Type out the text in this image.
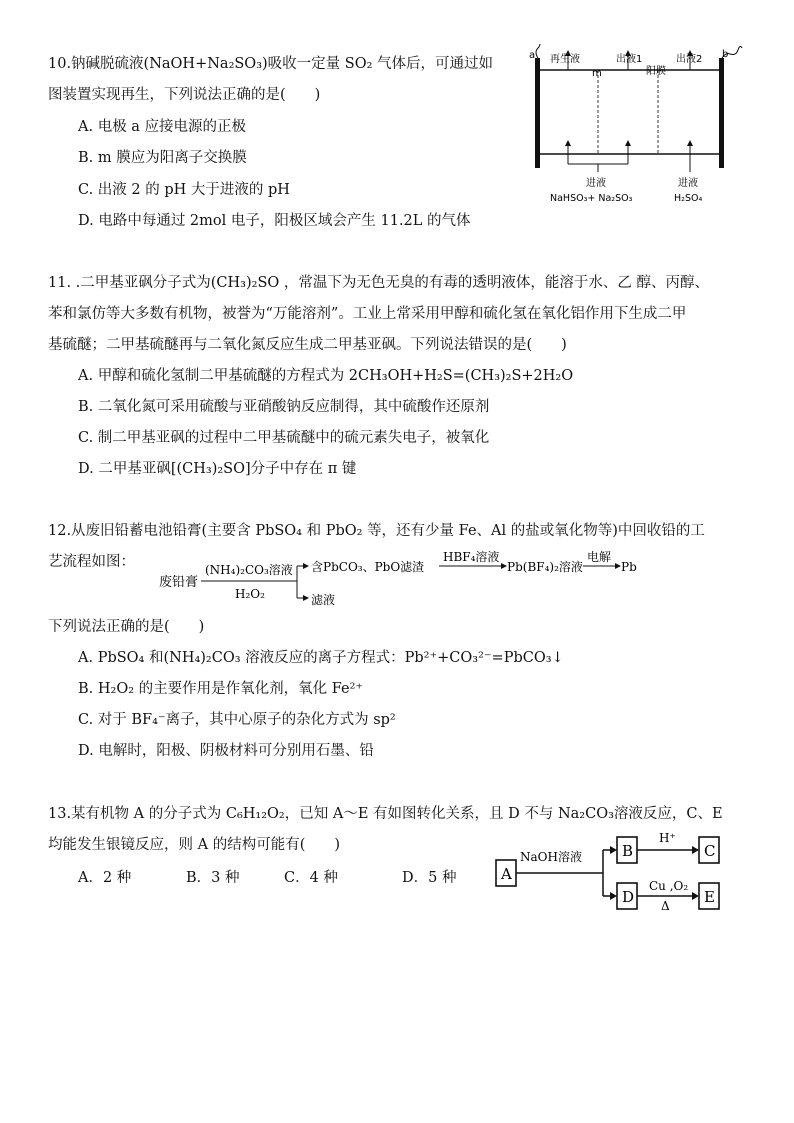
10.钠碱脱硫液(NaOH+Na₂SO₃)吸收一定量 SO₂ 气体后，可通过如
图装置实现再生，下列说法正确的是(　　)
A. 电极 a 应接电源的正极
B. m 膜应为阳离子交换膜
C. 出液 2 的 pH 大于进液的 pH
D. 电路中每通过 2mol 电子，阳极区域会产生 11.2L 的气体
a	b
m	阳膜
再生液	出液1	出液2
进液
NaHSO₃+ Na₂SO₃
进液
H₂SO₄
11. .二甲基亚砜分子式为(CH₃)₂SO ，常温下为无色无臭的有毒的透明液体，能溶于水、乙 醇、丙醇、
苯和氯仿等大多数有机物，被誉为“万能溶剂”。工业上常采用甲醇和硫化氢在氧化铝作用下生成二甲
基硫醚；二甲基硫醚再与二氧化氮反应生成二甲基亚砜。下列说法错误的是(　　)
A. 甲醇和硫化氢制二甲基硫醚的方程式为 2CH₃OH+H₂S=(CH₃)₂S+2H₂O
B. 二氧化氮可采用硫酸与亚硝酸钠反应制得，其中硫酸作还原剂
C. 制二甲基亚砜的过程中二甲基硫醚中的硫元素失电子，被氧化
D. 二甲基亚砜[(CH₃)₂SO]分子中存在 π 键
12.从废旧铅蓄电池铅膏(主要含 PbSO₄ 和 PbO₂ 等，还有少量 Fe、Al 的盐或氧化物等)中回收铅的工
艺流程如图：
废铅膏
(NH₄)₂CO₃溶液
H₂O₂
含PbCO₃、PbO滤渣
滤液
HBF₄溶液
Pb(BF₄)₂溶液
电解
Pb
下列说法正确的是(　　)
A. PbSO₄ 和(NH₄)₂CO₃ 溶液反应的离子方程式：Pb²⁺+CO₃²⁻=PbCO₃↓
B. H₂O₂ 的主要作用是作氧化剂，氧化 Fe²⁺
C. 对于 BF₄⁻离子，其中心原子的杂化方式为 sp²
D. 电解时，阳极、阴极材料可分别用石墨、铅
13.某有机物 A 的分子式为 C₆H₁₂O₂，已知 A～E 有如图转化关系，且 D 不与 Na₂CO₃溶液反应，C、E
均能发生银镜反应，则 A 的结构可能有(　　)
A．2 种	B．3 种	C．4 种	D．5 种	A
NaOH溶液	B
D
H⁺
Cu ,O₂
Δ
C
E
